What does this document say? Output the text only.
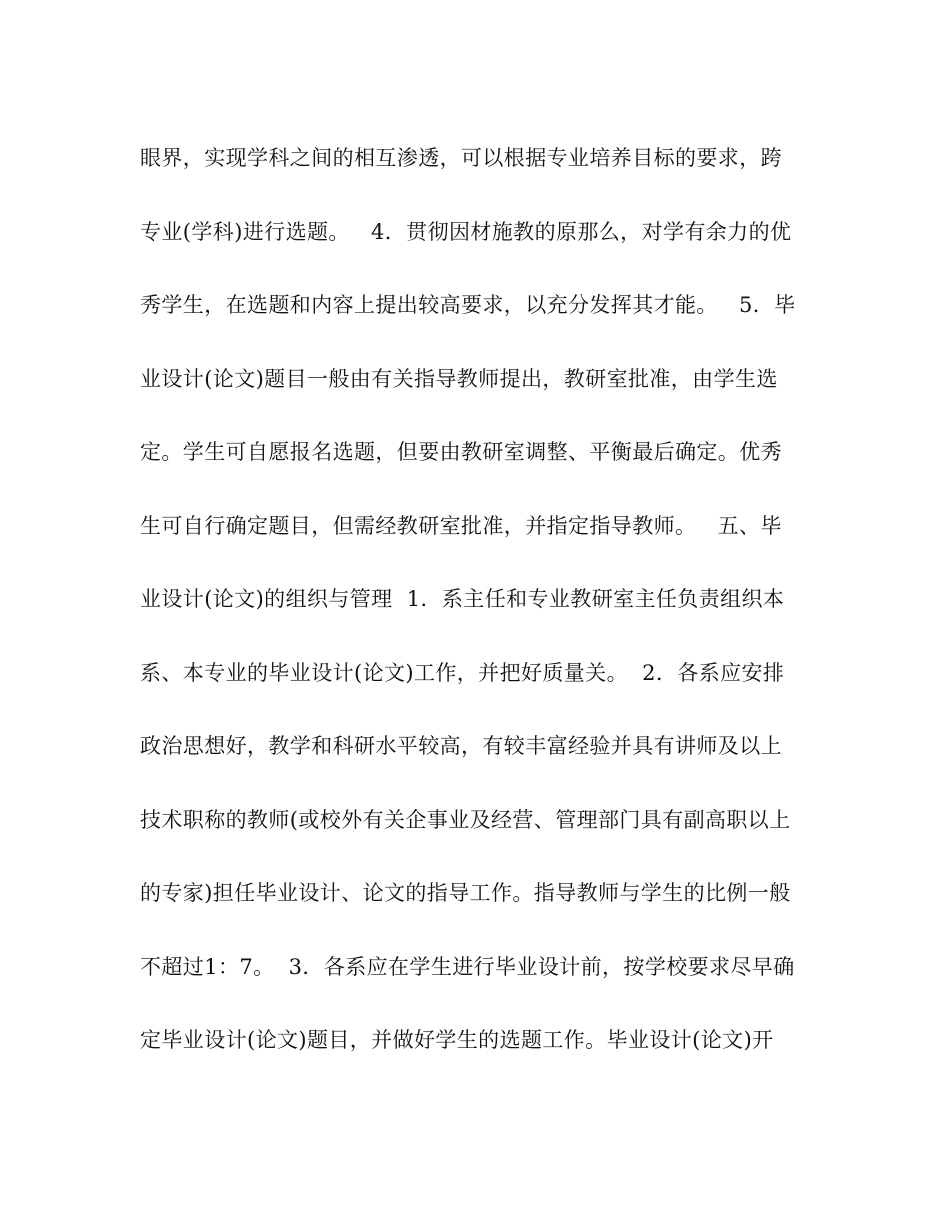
眼界，实现学科之间的相互渗透，可以根据专业培养目标的要求，跨
专业(学科)进行选题。   4．贯彻因材施教的原那么，对学有余力的优
秀学生，在选题和内容上提出较高要求，以充分发挥其才能。   5．毕
业设计(论文)题目一般由有关指导教师提出，教研室批准，由学生选
定。学生可自愿报名选题，但要由教研室调整、平衡最后确定。优秀
生可自行确定题目，但需经教研室批准，并指定指导教师。   五、毕
业设计(论文)的组织与管理  1．系主任和专业教研室主任负责组织本
系、本专业的毕业设计(论文)工作，并把好质量关。  2．各系应安排
政治思想好，教学和科研水平较高，有较丰富经验并具有讲师及以上
技术职称的教师(或校外有关企事业及经营、管理部门具有副高职以上
的专家)担任毕业设计、论文的指导工作。指导教师与学生的比例一般
不超过1：7。  3．各系应在学生进行毕业设计前，按学校要求尽早确
定毕业设计(论文)题目，并做好学生的选题工作。毕业设计(论文)开
